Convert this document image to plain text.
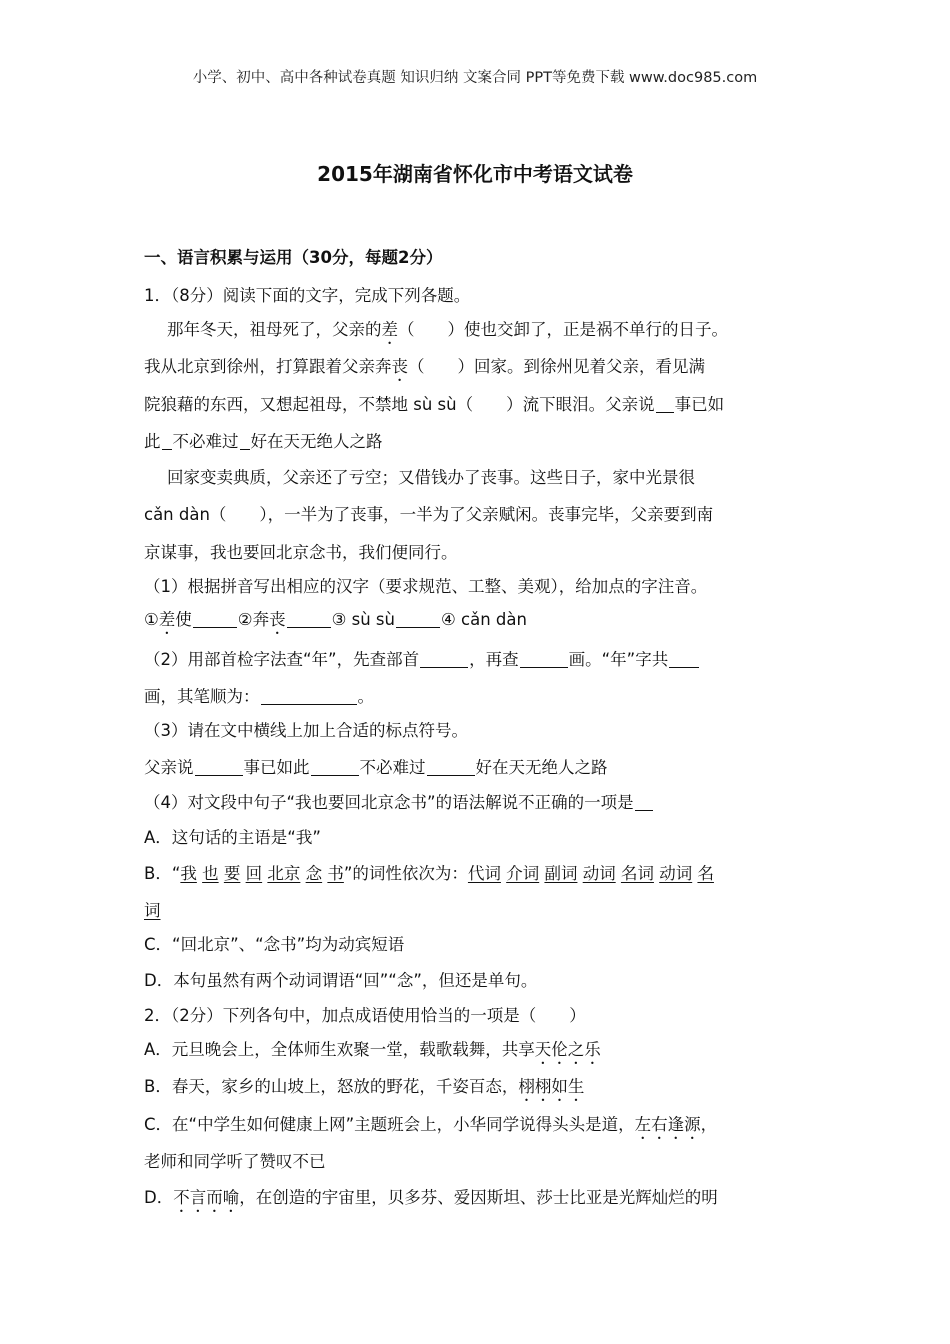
小学、初中、高中各种试卷真题 知识归纳 文案合同 PPT等免费下载 www.doc985.com
2015年湖南省怀化市中考语文试卷
一、语言积累与运用（30分，每题2分）
1．（8分）阅读下面的文字，完成下列各题。
那年冬天，祖母死了，父亲的差（　　）使也交卸了，正是祸不单行的日子。
我从北京到徐州，打算跟着父亲奔丧（　　）回家。到徐州见着父亲，看见满
院狼藉的东西，又想起祖母，不禁地 sù sù（　　）流下眼泪。父亲说 事已如
此 不必难过 好在天无绝人之路
回家变卖典质，父亲还了亏空；又借钱办了丧事。这些日子，家中光景很
cǎn dàn（　　），一半为了丧事，一半为了父亲赋闲。丧事完毕，父亲要到南
京谋事，我也要回北京念书，我们便同行。
（1）根据拼音写出相应的汉字（要求规范、工整、美观），给加点的字注音。
①差使	②奔丧	③ sù sù	④ cǎn dàn
（2）用部首检字法查“年”，先查部首	，再查	画。“年”字共
画，其笔顺为：	。
（3）请在文中横线上加上合适的标点符号。
父亲说	事已如此	不必难过	好在天无绝人之路
（4）对文段中句子“我也要回北京念书”的语法解说不正确的一项是
A．这句话的主语是“我”
B．“我 也 要 回 北京 念 书”的词性依次为：代词 介词 副词 动词 名词 动词 名
词
C．“回北京”、“念书”均为动宾短语
D．本句虽然有两个动词谓语“回”“念”，但还是单句。
2．（2分）下列各句中，加点成语使用恰当的一项是（　　）
A．元旦晚会上，全体师生欢聚一堂，载歌载舞，共享天伦之乐
B．春天，家乡的山坡上，怒放的野花，千姿百态，栩栩如生
C．在“中学生如何健康上网”主题班会上，小华同学说得头头是道，左右逢源，
老师和同学听了赞叹不已
D．不言而喻，在创造的宇宙里，贝多芬、爱因斯坦、莎士比亚是光辉灿烂的明
